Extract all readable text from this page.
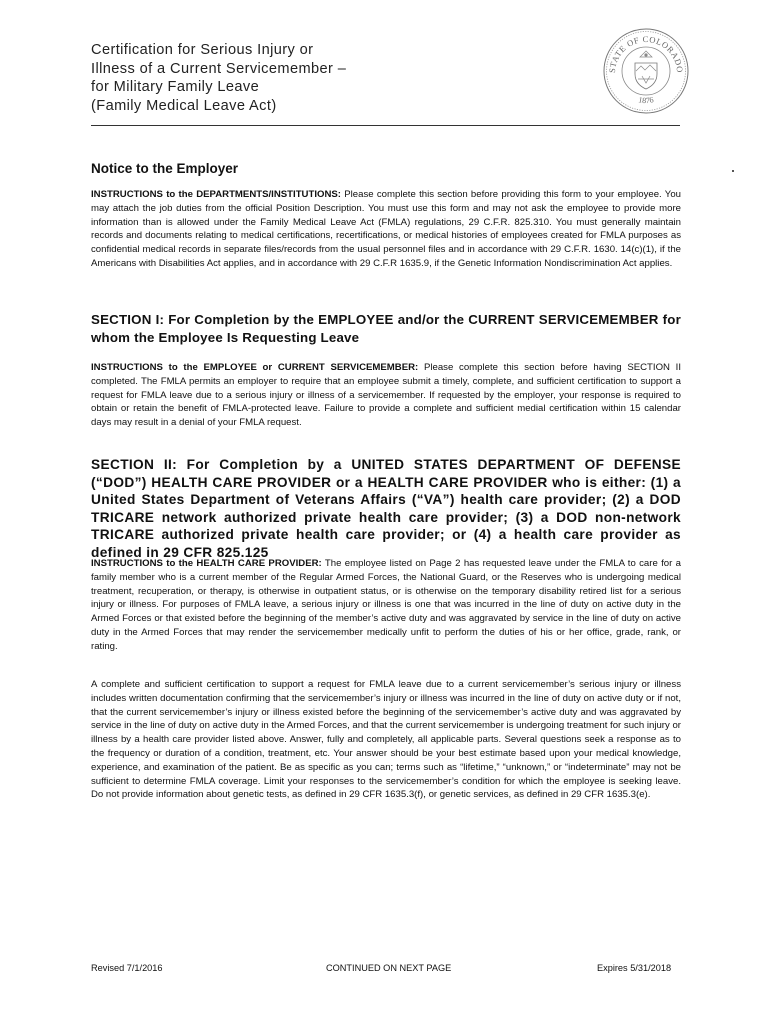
Certification for Serious Injury or
Illness of a Current Servicemember –
for Military Family Leave
(Family Medical Leave Act)
STATE OF COLORADO
1876
Notice to the Employer
INSTRUCTIONS to the DEPARTMENTS/INSTITUTIONS: Please complete this section before providing this form to your employee. You may attach the job duties from the official Position Description. You must use this form and may not ask the employee to provide more information than is allowed under the Family Medical Leave Act (FMLA) regulations, 29 C.F.R. 825.310. You must generally maintain records and documents relating to medical certifications, recertifications, or medical histories of employees created for FMLA purposes as confidential medical records in separate files/records from the usual personnel files and in accordance with 29 C.F.R. 1630. 14(c)(1), if the Americans with Disabilities Act applies, and in accordance with 29 C.F.R 1635.9, if the Genetic Information Nondiscrimination Act applies.
SECTION I: For Completion by the EMPLOYEE and/or the CURRENT SERVICEMEMBER for whom the Employee Is Requesting Leave
INSTRUCTIONS to the EMPLOYEE or CURRENT SERVICEMEMBER: Please complete this section before having SECTION II completed. The FMLA permits an employer to require that an employee submit a timely, complete, and sufficient certification to support a request for FMLA leave due to a serious injury or illness of a servicemember. If requested by the employer, your response is required to obtain or retain the benefit of FMLA-protected leave. Failure to provide a complete and sufficient medial certification within 15 calendar days may result in a denial of your FMLA request.
SECTION II: For Completion by a UNITED STATES DEPARTMENT OF DEFENSE (“DOD”) HEALTH CARE PROVIDER or a HEALTH CARE PROVIDER who is either: (1) a United States Department of Veterans Affairs (“VA”) health care provider; (2) a DOD TRICARE network authorized private health care provider; (3) a DOD non-network TRICARE authorized private health care provider; or (4) a health care provider as defined in 29 CFR 825.125
INSTRUCTIONS to the HEALTH CARE PROVIDER: The employee listed on Page 2 has requested leave under the FMLA to care for a family member who is a current member of the Regular Armed Forces, the National Guard, or the Reserves who is undergoing medical treatment, recuperation, or therapy, is otherwise in outpatient status, or is otherwise on the temporary disability retired list for a serious injury or illness. For purposes of FMLA leave, a serious injury or illness is one that was incurred in the line of duty on active duty in the Armed Forces or that existed before the beginning of the member’s active duty and was aggravated by service in the line of duty on active duty in the Armed Forces that may render the servicemember medically unfit to perform the duties of his or her office, grade, rank, or rating.
A complete and sufficient certification to support a request for FMLA leave due to a current servicemember’s serious injury or illness includes written documentation confirming that the servicemember’s injury or illness was incurred in the line of duty on active duty or if not, that the current servicemember’s injury or illness existed before the beginning of the servicemember’s active duty and was aggravated by service in the line of duty on active duty in the Armed Forces, and that the current servicemember is undergoing treatment for such injury or illness by a health care provider listed above. Answer, fully and completely, all applicable parts. Several questions seek a response as to the frequency or duration of a condition, treatment, etc. Your answer should be your best estimate based upon your medical knowledge, experience, and examination of the patient. Be as specific as you can; terms such as “lifetime,” “unknown,” or “indeterminate” may not be sufficient to determine FMLA coverage. Limit your responses to the servicemember’s condition for which the employee is seeking leave. Do not provide information about genetic tests, as defined in 29 CFR 1635.3(f), or genetic services, as defined in 29 CFR 1635.3(e).
Revised 7/1/2016	CONTINUED ON NEXT PAGE	Expires 5/31/2018
